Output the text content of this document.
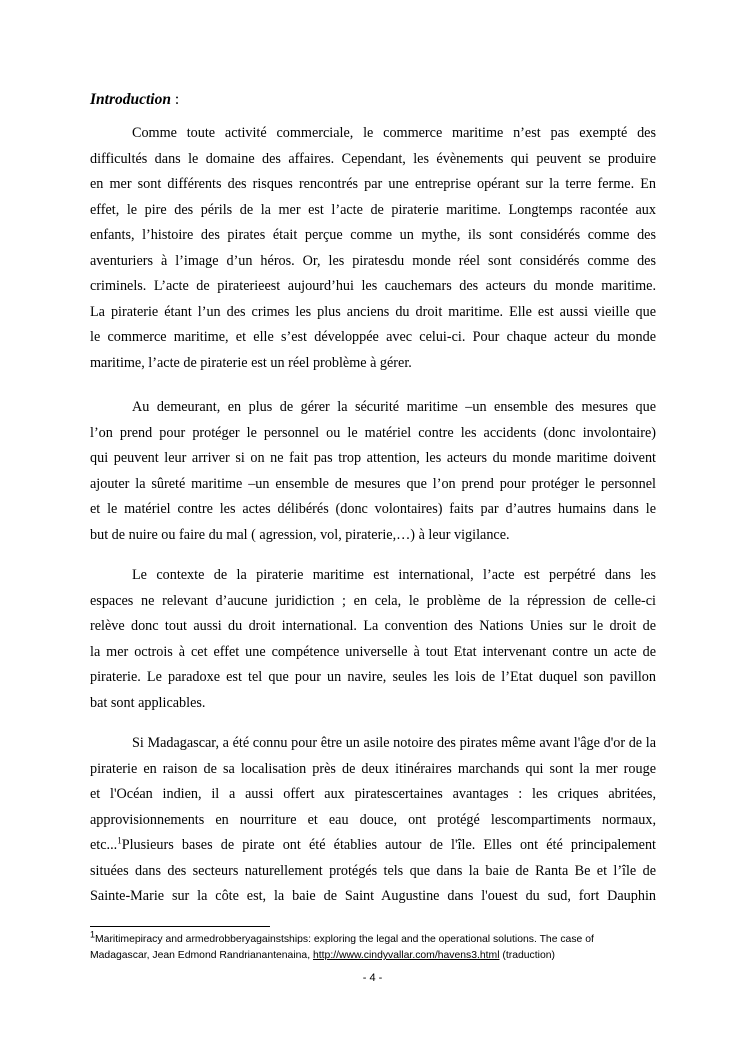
Introduction :
Comme toute activité commerciale, le commerce maritime n’est pas exempté des
difficultés dans le domaine des affaires. Cependant, les évènements qui peuvent se produire
en mer sont différents des risques rencontrés par une entreprise opérant sur la terre ferme. En
effet, le pire des périls de la mer est l’acte de piraterie maritime. Longtemps racontée aux
enfants, l’histoire des pirates était perçue comme un mythe, ils sont considérés comme des
aventuriers à l’image d’un héros. Or, les piratesdu monde réel sont considérés comme des
criminels. L’acte de piraterieest aujourd’hui les cauchemars des acteurs du monde maritime.
La piraterie étant l’un des crimes les plus anciens du droit maritime. Elle est aussi vieille que
le commerce maritime, et elle s’est développée avec celui-ci. Pour chaque acteur du monde
maritime, l’acte de piraterie est un réel problème à gérer.
Au demeurant, en plus de gérer la sécurité maritime –un ensemble des mesures que
l’on prend pour protéger le personnel ou le matériel contre les accidents (donc involontaire)
qui peuvent leur arriver si on ne fait pas trop attention, les acteurs du monde maritime doivent
ajouter la sûreté maritime –un ensemble de mesures que l’on prend pour protéger le personnel
et le matériel contre les actes délibérés (donc volontaires) faits par d’autres humains dans le
but de nuire ou faire du mal ( agression, vol, piraterie,…) à leur vigilance.
Le contexte de la piraterie maritime est international, l’acte est perpétré dans les
espaces ne relevant d’aucune juridiction ; en cela, le problème de la répression de celle-ci
relève donc tout aussi du droit international. La convention des Nations Unies sur le droit de
la mer octrois à cet effet une compétence universelle à tout Etat intervenant contre un acte de
piraterie. Le paradoxe est tel que pour un navire, seules les lois de l’Etat duquel son pavillon
bat sont applicables.
Si Madagascar, a été connu pour être un asile notoire des pirates même avant l'âge d'or de la
piraterie en raison de sa localisation près de deux itinéraires marchands qui sont la mer rouge
et l'Océan indien, il a aussi offert aux piratescertaines avantages : les criques abritées,
approvisionnements en nourriture et eau douce, ont protégé lescompartiments normaux,
etc...$^1$Plusieurs bases de pirate ont été établies autour de l'île. Elles ont été principalement
situées dans des secteurs naturellement protégés tels que dans la baie de Ranta Be et l’île de
Sainte-Marie sur la côte est, la baie de Saint Augustine dans l'ouest du sud, fort Dauphin
$^1$Maritimepiracy and armedrobberyagainstships: exploring the legal and the operational solutions. The case of
Madagascar, Jean Edmond Randrianantenaina, http://www.cindyvallar.com/havens3.html (traduction)
- 4 -
